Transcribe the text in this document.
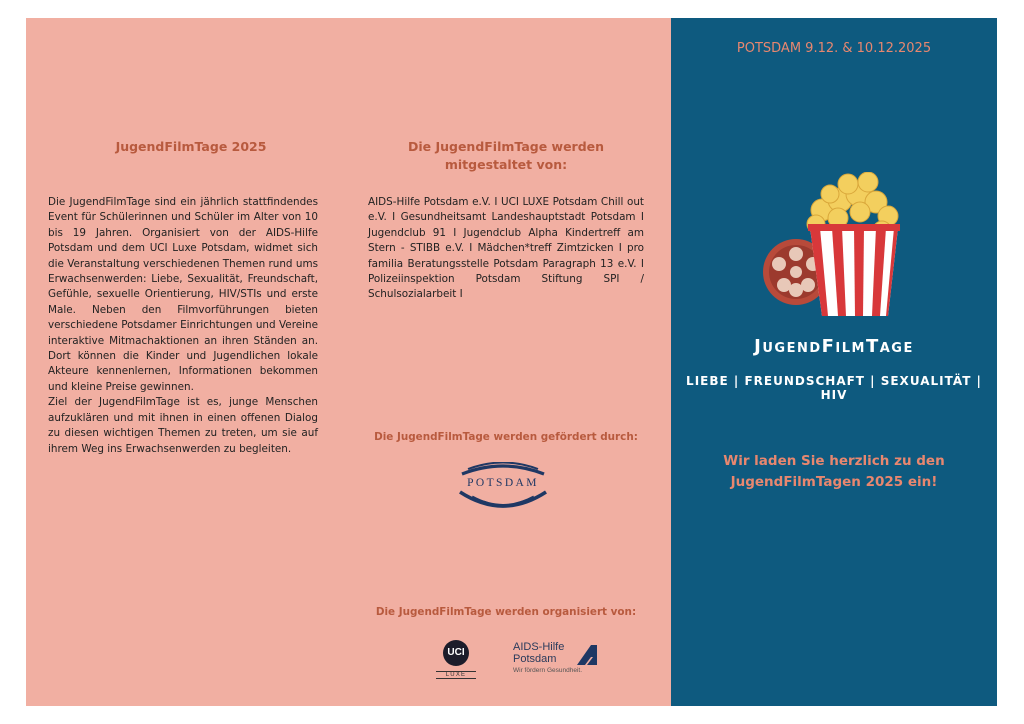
JugendFilmTage 2025

Die JugendFilmTage sind ein jährlich stattfindendes Event für Schülerinnen und Schüler im Alter von 10 bis 19 Jahren. Organisiert von der AIDS-Hilfe Potsdam und dem UCI Luxe Potsdam, widmet sich die Veranstaltung verschiedenen Themen rund ums Erwachsenwerden: Liebe, Sexualität, Freundschaft, Gefühle, sexuelle Orientierung, HIV/STIs und erste Male. Neben den Filmvorführungen bieten verschiedene Potsdamer Einrichtungen und Vereine interaktive Mitmachaktionen an ihren Ständen an. Dort können die Kinder und Jugendlichen lokale Akteure kennenlernen, Informationen bekommen und kleine Preise gewinnen.

Ziel der JugendFilmTage ist es, junge Menschen aufzuklären und mit ihnen in einen offenen Dialog zu diesen wichtigen Themen zu treten, um sie auf ihrem Weg ins Erwachsenwerden zu begleiten.

Die JugendFilmTage werden
mitgestaltet von:
AIDS-Hilfe Potsdam e.V. I UCI LUXE Potsdam Chill out e.V. I Gesundheitsamt Landeshauptstadt Potsdam I Jugendclub 91 I Jugendclub Alpha Kindertreff am Stern - STIBB e.V. I Mädchen*treff Zimtzicken I pro familia Beratungsstelle Potsdam Paragraph 13 e.V. I Polizeiinspektion Potsdam Stiftung SPI / Schulsozialarbeit I
Die JugendFilmTage werden gefördert durch:
POTSDAM
Die JugendFilmTage werden organisiert von:
UCI
LUXE
AIDS-Hilfe
Potsdam
Wir fördern Gesundheit.
POTSDAM 9.12. & 10.12.2025
JugendFilmTage
LIEBE | FREUNDSCHAFT | SEXUALITÄT | HIV
Wir laden Sie herzlich zu den
JugendFilmTagen 2025 ein!
